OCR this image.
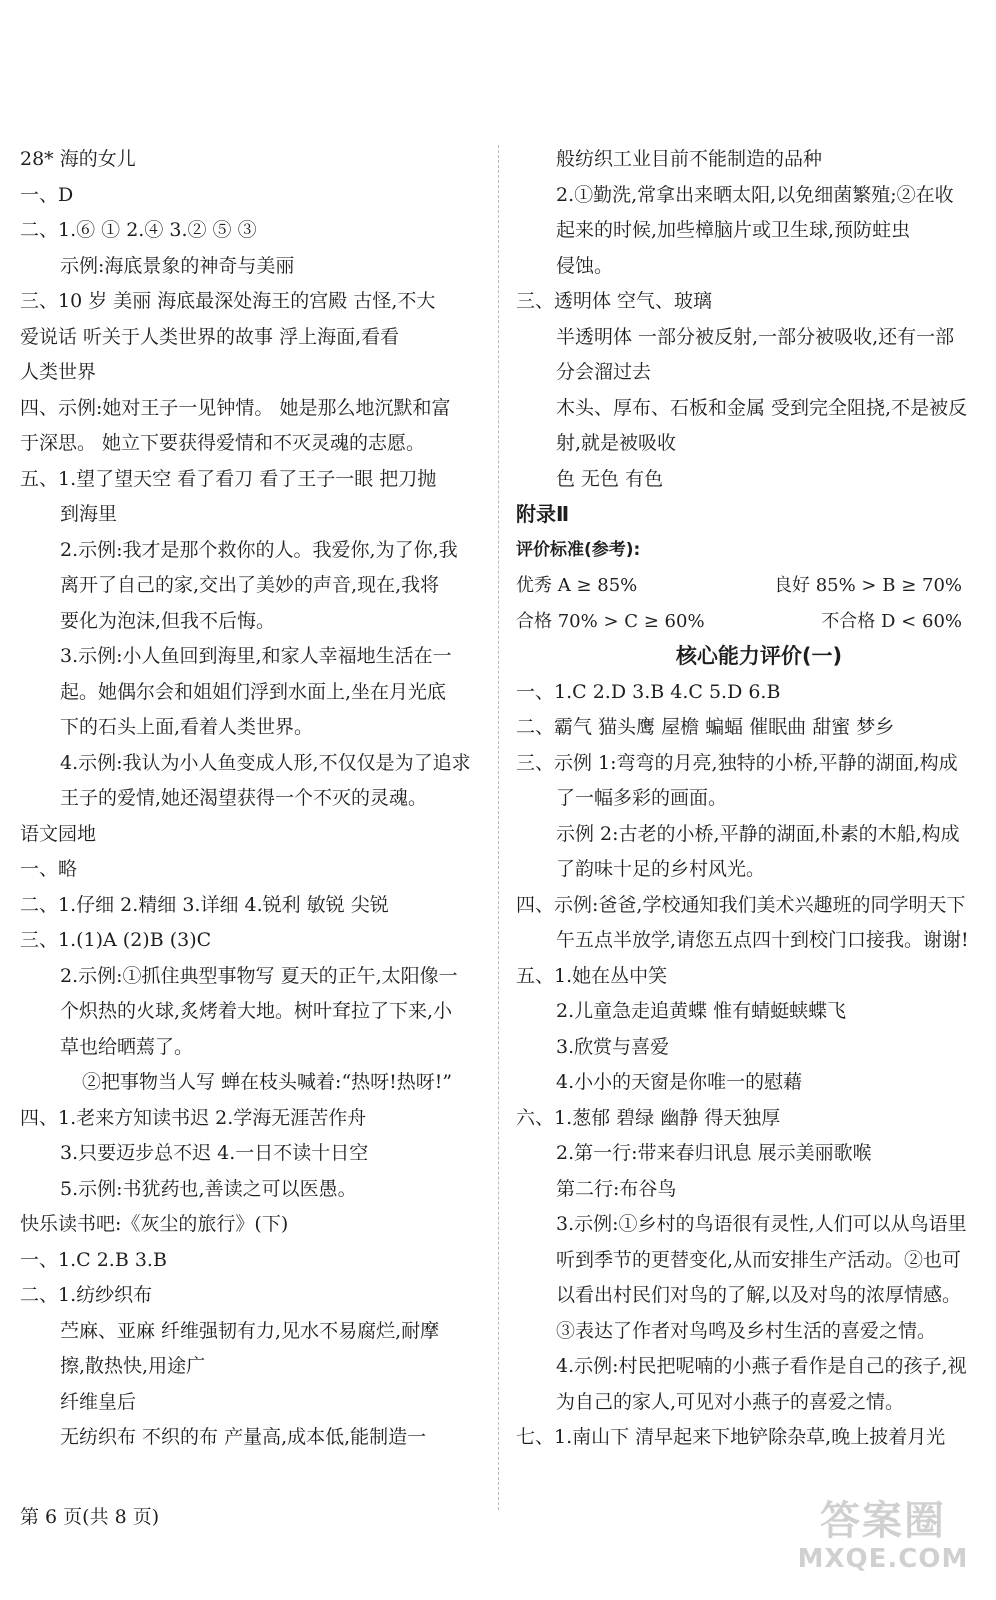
28* 海的女儿
一、D
二、1.⑥ ① 2.④ 3.② ⑤ ③
示例:海底景象的神奇与美丽
三、10 岁 美丽 海底最深处海王的宫殿 古怪,不大
爱说话 听关于人类世界的故事 浮上海面,看看
人类世界
四、示例:她对王子一见钟情。 她是那么地沉默和富
于深思。 她立下要获得爱情和不灭灵魂的志愿。
五、1.望了望天空 看了看刀 看了王子一眼 把刀抛
到海里
2.示例:我才是那个救你的人。我爱你,为了你,我
离开了自己的家,交出了美妙的声音,现在,我将
要化为泡沫,但我不后悔。
3.示例:小人鱼回到海里,和家人幸福地生活在一
起。她偶尔会和姐姐们浮到水面上,坐在月光底
下的石头上面,看着人类世界。
4.示例:我认为小人鱼变成人形,不仅仅是为了追求
王子的爱情,她还渴望获得一个不灭的灵魂。
语文园地
一、略
二、1.仔细 2.精细 3.详细 4.锐利 敏锐 尖锐
三、1.(1)A (2)B (3)C
2.示例:①抓住典型事物写 夏天的正午,太阳像一
个炽热的火球,炙烤着大地。树叶耷拉了下来,小
草也给晒蔫了。
②把事物当人写 蝉在枝头喊着:“热呀!热呀!”
四、1.老来方知读书迟 2.学海无涯苦作舟
3.只要迈步总不迟 4.一日不读十日空
5.示例:书犹药也,善读之可以医愚。
快乐读书吧:《灰尘的旅行》(下)
一、1.C 2.B 3.B
二、1.纺纱织布
苎麻、亚麻 纤维强韧有力,见水不易腐烂,耐摩
擦,散热快,用途广
纤维皇后
无纺织布 不织的布 产量高,成本低,能制造一
般纺织工业目前不能制造的品种
2.①勤洗,常拿出来晒太阳,以免细菌繁殖;②在收
起来的时候,加些樟脑片或卫生球,预防蛀虫
侵蚀。
三、透明体 空气、玻璃
半透明体 一部分被反射,一部分被吸收,还有一部
分会溜过去
木头、厚布、石板和金属 受到完全阻挠,不是被反
射,就是被吸收
色 无色 有色
附录Ⅱ
评价标准(参考):
优秀 A ≥ 85%	良好 85% > B ≥ 70%
合格 70% > C ≥ 60%	不合格 D < 60%
核心能力评价(一)
一、1.C 2.D 3.B 4.C 5.D 6.B
二、霸气 猫头鹰 屋檐 蝙蝠 催眠曲 甜蜜 梦乡
三、示例 1:弯弯的月亮,独特的小桥,平静的湖面,构成
了一幅多彩的画面。
示例 2:古老的小桥,平静的湖面,朴素的木船,构成
了韵味十足的乡村风光。
四、示例:爸爸,学校通知我们美术兴趣班的同学明天下
午五点半放学,请您五点四十到校门口接我。谢谢!
五、1.她在丛中笑
2.儿童急走追黄蝶 惟有蜻蜓蛱蝶飞
3.欣赏与喜爱
4.小小的天窗是你唯一的慰藉
六、1.葱郁 碧绿 幽静 得天独厚
2.第一行:带来春归讯息 展示美丽歌喉
第二行:布谷鸟
3.示例:①乡村的鸟语很有灵性,人们可以从鸟语里
听到季节的更替变化,从而安排生产活动。②也可
以看出村民们对鸟的了解,以及对鸟的浓厚情感。
③表达了作者对鸟鸣及乡村生活的喜爱之情。
4.示例:村民把呢喃的小燕子看作是自己的孩子,视
为自己的家人,可见对小燕子的喜爱之情。
七、1.南山下 清早起来下地铲除杂草,晚上披着月光
第 6 页(共 8 页)	答案圈
MXQE.COM
